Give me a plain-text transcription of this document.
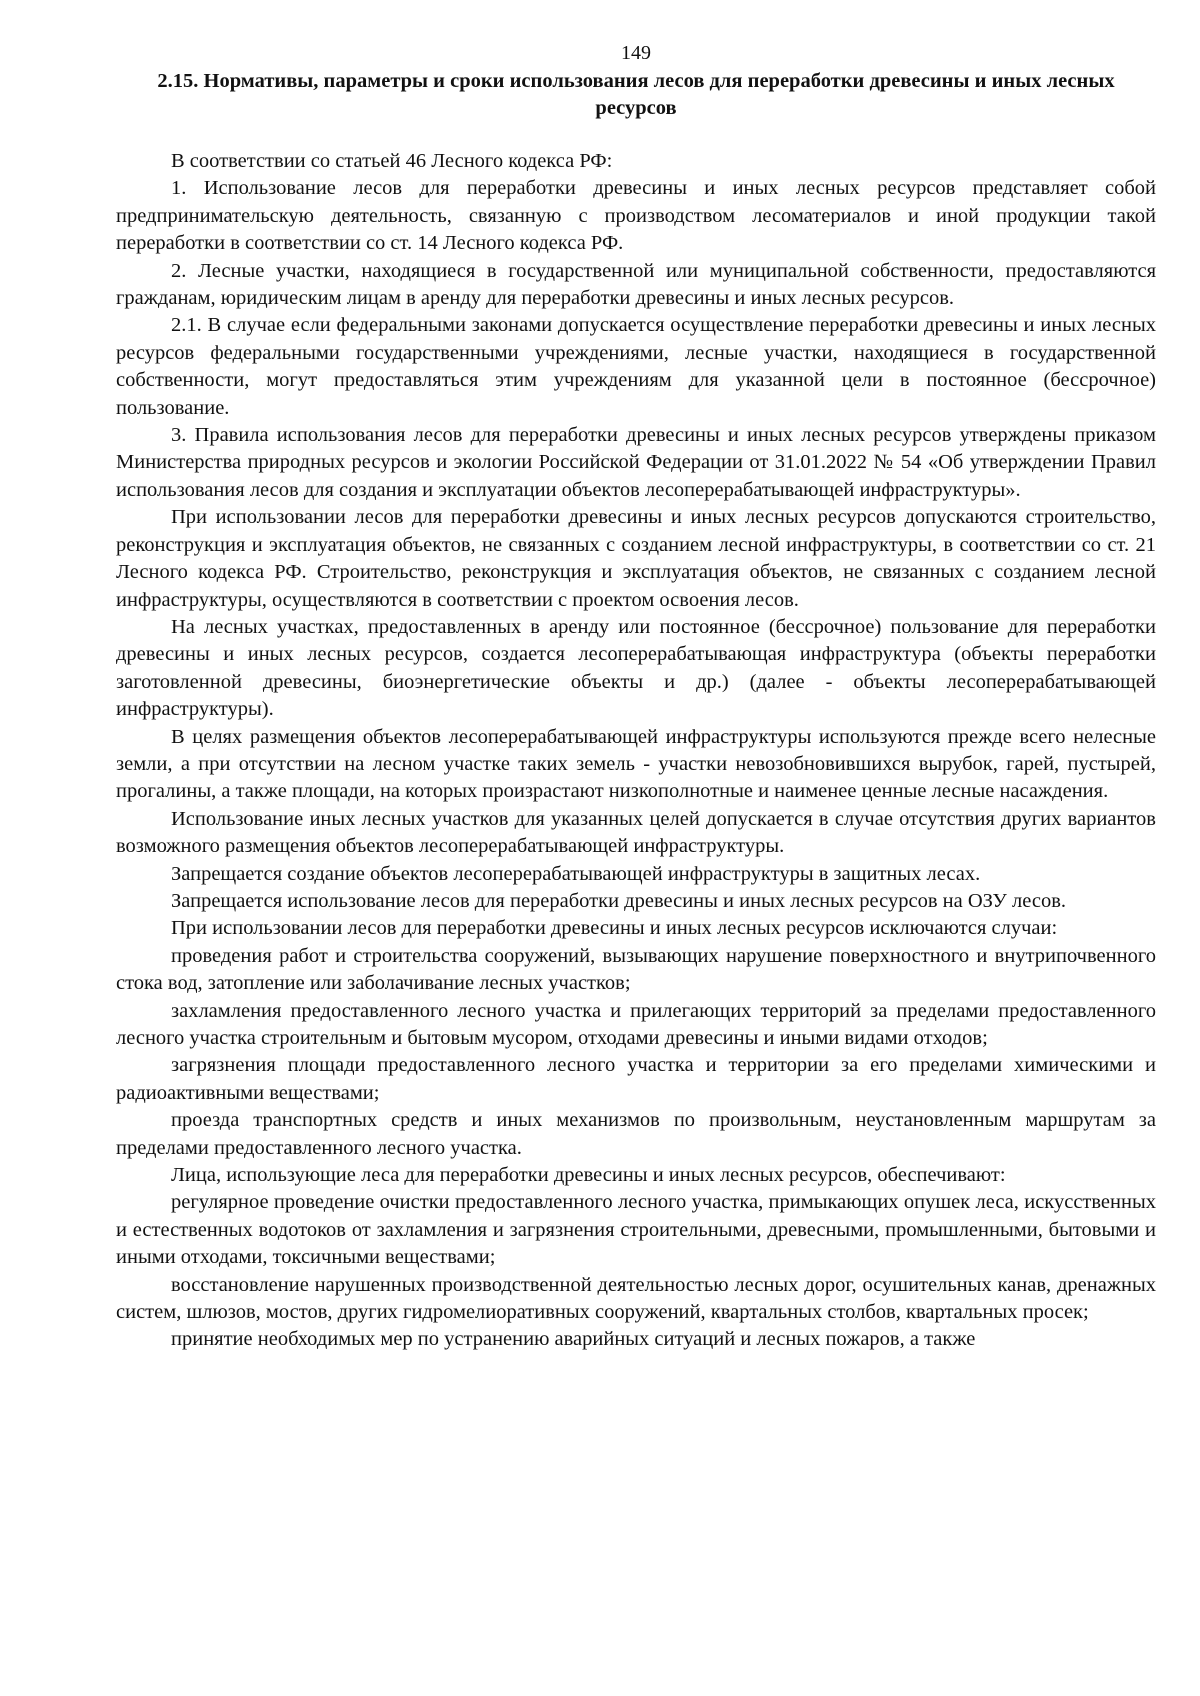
149
2.15. Нормативы, параметры и сроки использования лесов для переработки древесины и иных лесных ресурсов

В соответствии со статьей 46 Лесного кодекса РФ:

1. Использование лесов для переработки древесины и иных лесных ресурсов представляет собой предпринимательскую деятельность, связанную с производством лесоматериалов и иной продукции такой переработки в соответствии со ст. 14 Лесного кодекса РФ.

2. Лесные участки, находящиеся в государственной или муниципальной собственности, предоставляются гражданам, юридическим лицам в аренду для переработки древесины и иных лесных ресурсов.

2.1. В случае если федеральными законами допускается осуществление переработки древесины и иных лесных ресурсов федеральными государственными учреждениями, лесные участки, находящиеся в государственной собственности, могут предоставляться этим учреждениям для указанной цели в постоянное (бессрочное) пользование.

3. Правила использования лесов для переработки древесины и иных лесных ресурсов утверждены приказом Министерства природных ресурсов и экологии Российской Федерации от 31.01.2022 № 54 «Об утверждении Правил использования лесов для создания и эксплуатации объектов лесоперерабатывающей инфраструктуры».

При использовании лесов для переработки древесины и иных лесных ресурсов допускаются строительство, реконструкция и эксплуатация объектов, не связанных с созданием лесной инфраструктуры, в соответствии со ст. 21 Лесного кодекса РФ. Строительство, реконструкция и эксплуатация объектов, не связанных с созданием лесной инфраструктуры, осуществляются в соответствии с проектом освоения лесов.

На лесных участках, предоставленных в аренду или постоянное (бессрочное) пользование для переработки древесины и иных лесных ресурсов, создается лесоперерабатывающая инфраструктура (объекты переработки заготовленной древесины, биоэнергетические объекты и др.) (далее - объекты лесоперерабатывающей инфраструктуры).

В целях размещения объектов лесоперерабатывающей инфраструктуры используются прежде всего нелесные земли, а при отсутствии на лесном участке таких земель - участки невозобновившихся вырубок, гарей, пустырей, прогалины, а также площади, на которых произрастают низкополнотные и наименее ценные лесные насаждения.

Использование иных лесных участков для указанных целей допускается в случае отсутствия других вариантов возможного размещения объектов лесоперерабатывающей инфраструктуры.

Запрещается создание объектов лесоперерабатывающей инфраструктуры в защитных лесах.

Запрещается использование лесов для переработки древесины и иных лесных ресурсов на ОЗУ лесов.

При использовании лесов для переработки древесины и иных лесных ресурсов исключаются случаи:

проведения работ и строительства сооружений, вызывающих нарушение поверхностного и внутрипочвенного стока вод, затопление или заболачивание лесных участков;

захламления предоставленного лесного участка и прилегающих территорий за пределами предоставленного лесного участка строительным и бытовым мусором, отходами древесины и иными видами отходов;

загрязнения площади предоставленного лесного участка и территории за его пределами химическими и радиоактивными веществами;

проезда транспортных средств и иных механизмов по произвольным, неустановленным маршрутам за пределами предоставленного лесного участка.

Лица, использующие леса для переработки древесины и иных лесных ресурсов, обеспечивают:

регулярное проведение очистки предоставленного лесного участка, примыкающих опушек леса, искусственных и естественных водотоков от захламления и загрязнения строительными, древесными, промышленными, бытовыми и иными отходами, токсичными веществами;

восстановление нарушенных производственной деятельностью лесных дорог, осушительных канав, дренажных систем, шлюзов, мостов, других гидромелиоративных сооружений, квартальных столбов, квартальных просек;

принятие необходимых мер по устранению аварийных ситуаций и лесных пожаров, а также
